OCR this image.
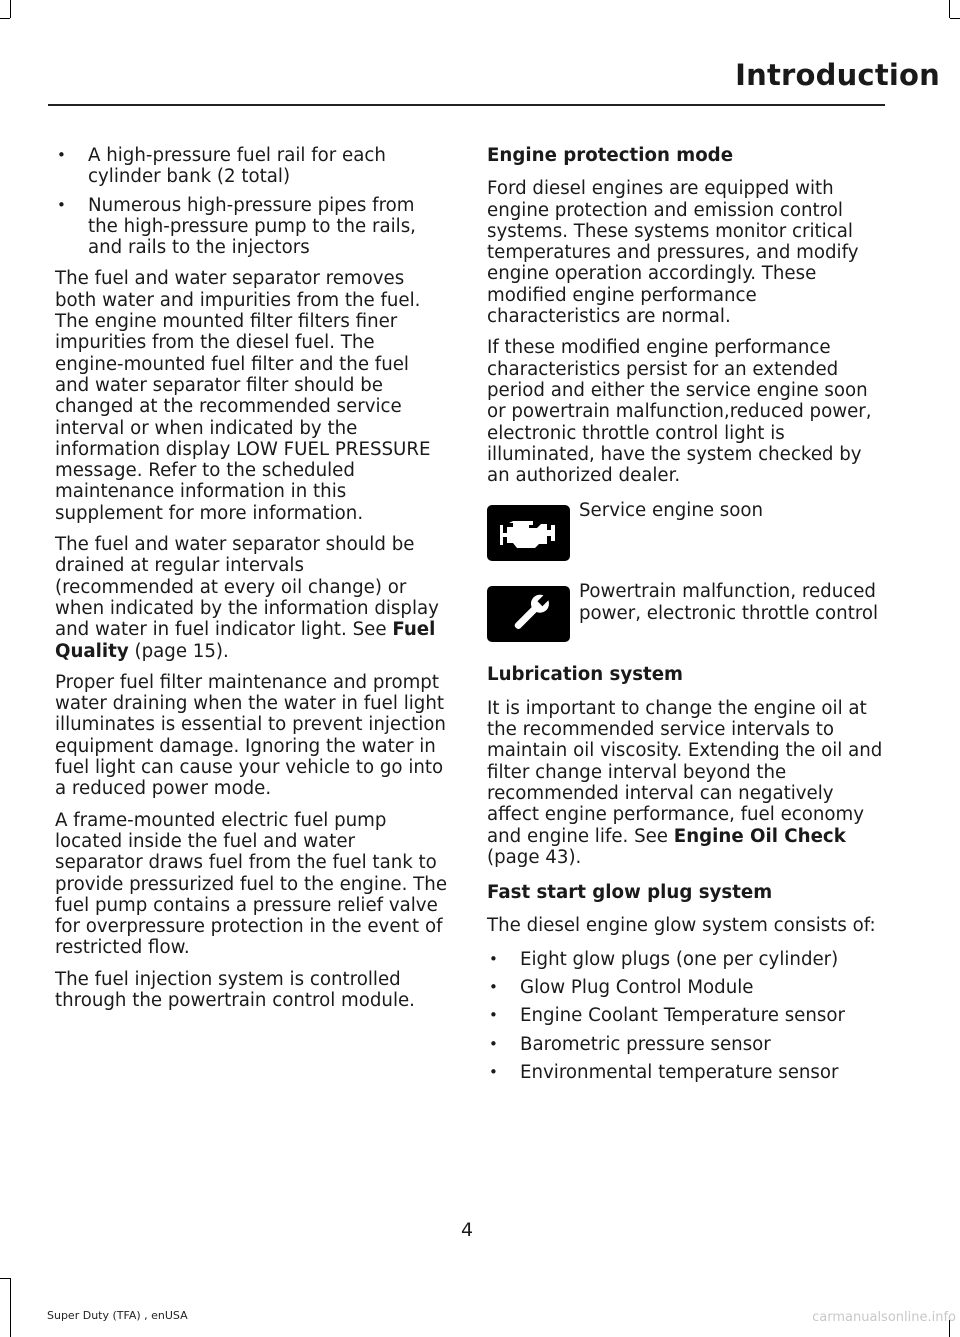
Introduction
• A high-pressure fuel rail for each cylinder bank (2 total)
• Numerous high-pressure pipes from the high-pressure pump to the rails, and rails to the injectors

The fuel and water separator removes both water and impurities from the fuel. The engine mounted filter filters finer impurities from the diesel fuel. The engine-mounted fuel filter and the fuel and water separator filter should be changed at the recommended service interval or when indicated by the information display LOW FUEL PRESSURE message. Refer to the scheduled maintenance information in this supplement for more information.

The fuel and water separator should be drained at regular intervals (recommended at every oil change) or when indicated by the information display and water in fuel indicator light. See Fuel Quality (page 15).

Proper fuel filter maintenance and prompt water draining when the water in fuel light illuminates is essential to prevent injection equipment damage. Ignoring the water in fuel light can cause your vehicle to go into a reduced power mode.

A frame-mounted electric fuel pump located inside the fuel and water separator draws fuel from the fuel tank to provide pressurized fuel to the engine. The fuel pump contains a pressure relief valve for overpressure protection in the event of restricted flow.

The fuel injection system is controlled through the powertrain control module.

Engine protection mode

Ford diesel engines are equipped with engine protection and emission control systems. These systems monitor critical temperatures and pressures, and modify engine operation accordingly. These modified engine performance characteristics are normal.

If these modified engine performance characteristics persist for an extended period and either the service engine soon or powertrain malfunction,reduced power, electronic throttle control light is illuminated, have the system checked by an authorized dealer.

Service engine soon
Powertrain malfunction, reduced power, electronic throttle control

Lubrication system

It is important to change the engine oil at the recommended service intervals to maintain oil viscosity. Extending the oil and filter change interval beyond the recommended interval can negatively affect engine performance, fuel economy and engine life. See Engine Oil Check (page 43).

Fast start glow plug system

The diesel engine glow system consists of:

• Eight glow plugs (one per cylinder)
• Glow Plug Control Module
• Engine Coolant Temperature sensor
• Barometric pressure sensor
• Environmental temperature sensor
4
Super Duty (TFA) , enUSA	carmanualsonline.info
